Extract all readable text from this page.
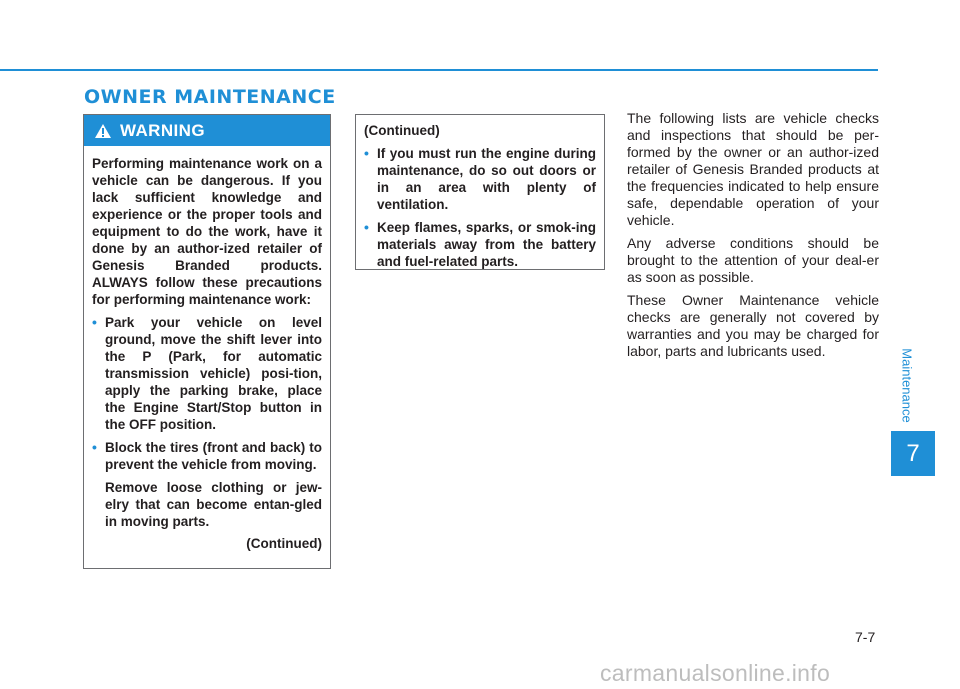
OWNER MAINTENANCE
WARNING

Performing maintenance work on a vehicle can be dangerous. If you lack sufficient knowledge and experience or the proper tools and equipment to do the work, have it done by an author-ized retailer of Genesis Branded products. ALWAYS follow these precautions for performing maintenance work:

• Park your vehicle on level ground, move the shift lever into the P (Park, for automatic transmission vehicle) posi-tion, apply the parking brake, place the Engine Start/Stop button in the OFF position.
• Block the tires (front and back) to prevent the vehicle from moving.

Remove loose clothing or jew-elry that can become entan-gled in moving parts.

(Continued)

(Continued)

• If you must run the engine during maintenance, do so out doors or in an area with plenty of ventilation.
• Keep flames, sparks, or smok-ing materials away from the battery and fuel-related parts.

The following lists are vehicle checks and inspections that should be per-formed by the owner or an author-ized retailer of Genesis Branded products at the frequencies indicated to help ensure safe, dependable operation of your vehicle.

Any adverse conditions should be brought to the attention of your deal-er as soon as possible.

These Owner Maintenance vehicle checks are generally not covered by warranties and you may be charged for labor, parts and lubricants used.	Maintenance
7
7-7
carmanualsonline.info
